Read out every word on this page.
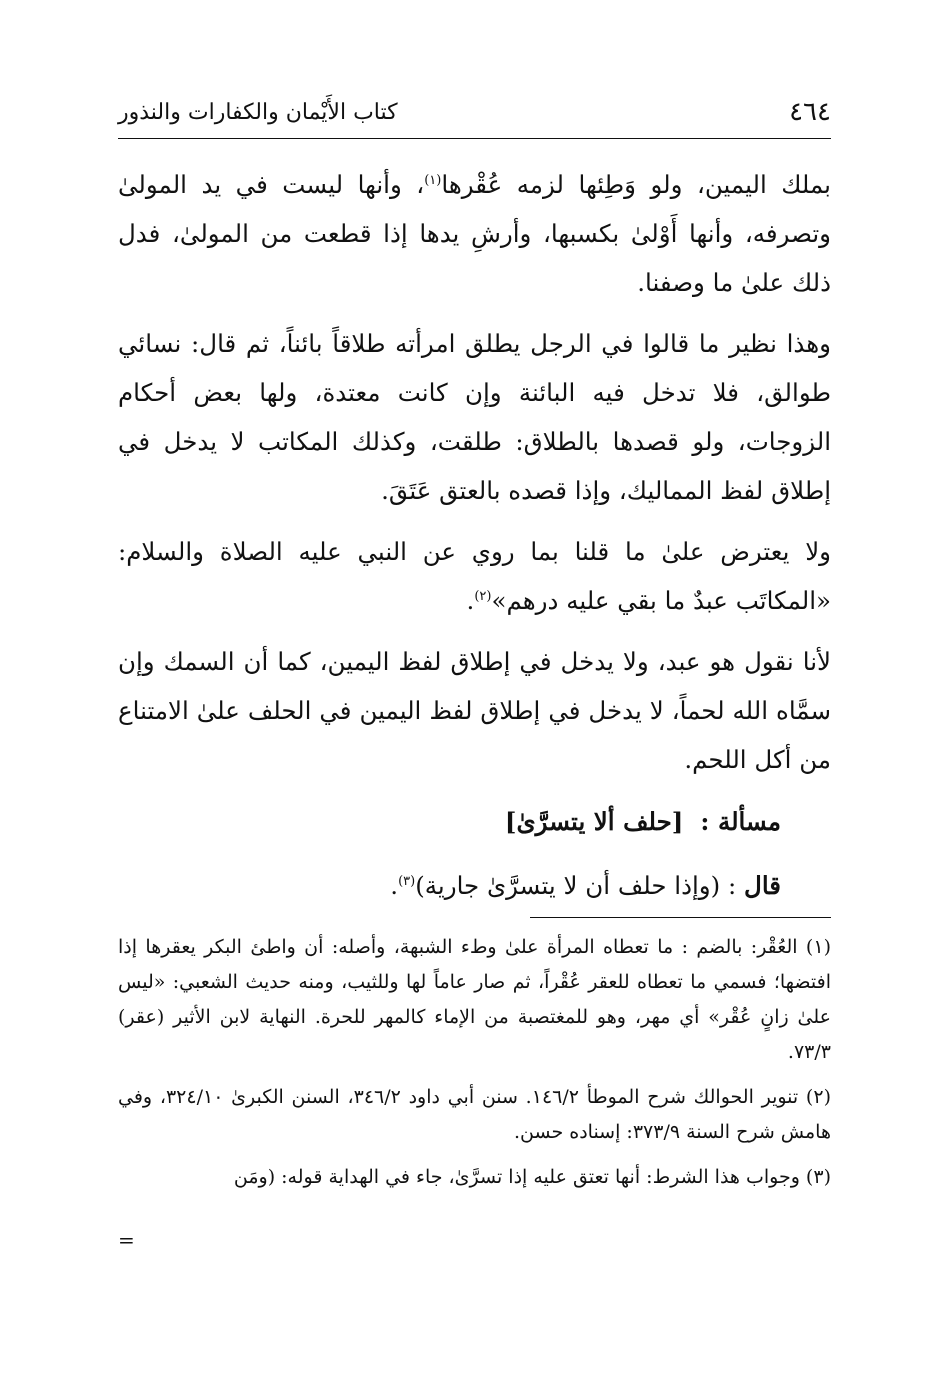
٤٦٤
كتاب الأَيْمان والكفارات والنذور

بملك اليمين، ولو وَطِئها لزمه عُقْرها$^{(١)}$، وأنها ليست في يد المولىٰ وتصرفه، وأنها أَوْلىٰ بكسبها، وأرشِ يدها إذا قطعت من المولىٰ، فدل ذلك علىٰ ما وصفنا.

وهذا نظير ما قالوا في الرجل يطلق امرأته طلاقاً بائناً، ثم قال: نسائي طوالق، فلا تدخل فيه البائنة وإن كانت معتدة، ولها بعض أحكام الزوجات، ولو قصدها بالطلاق: طلقت، وكذلك المكاتب لا يدخل في إطلاق لفظ المماليك، وإذا قصده بالعتق عَتَقَ.

ولا يعترض علىٰ ما قلنا بما روي عن النبي عليه الصلاة والسلام: «المكاتَب عبدٌ ما بقي عليه درهم»$^{(٢)}$.

لأنا نقول هو عبد، ولا يدخل في إطلاق لفظ اليمين، كما أن السمك وإن سمَّاه الله لحماً، لا يدخل في إطلاق لفظ اليمين في الحلف علىٰ الامتناع من أكل اللحم.

مسألة :  [حلف ألا يتسرَّىٰ]

قال : (وإذا حلف أن لا يتسرَّىٰ جارية)$^{(٣)}$.

(١) العُقْر: بالضم : ما تعطاه المرأة علىٰ وطء الشبهة، وأصله: أن واطئ البكر يعقرها إذا افتضها؛ فسمي ما تعطاه للعقر عُقْراً، ثم صار عاماً لها وللثيب، ومنه حديث الشعبي: «ليس علىٰ زانٍ عُقْر» أي مهر، وهو للمغتصبة من الإماء كالمهر للحرة. النهاية لابن الأثير (عقر) ٧٣/٣.

(٢) تنوير الحوالك شرح الموطأ ١٤٦/٢. سنن أبي داود ٣٤٦/٢، السنن الكبرىٰ ٣٢٤/١٠، وفي هامش شرح السنة ٣٧٣/٩: إسناده حسن.

(٣) وجواب هذا الشرط: أنها تعتق عليه إذا تسرَّىٰ، جاء في الهداية قوله: (ومَن

=
